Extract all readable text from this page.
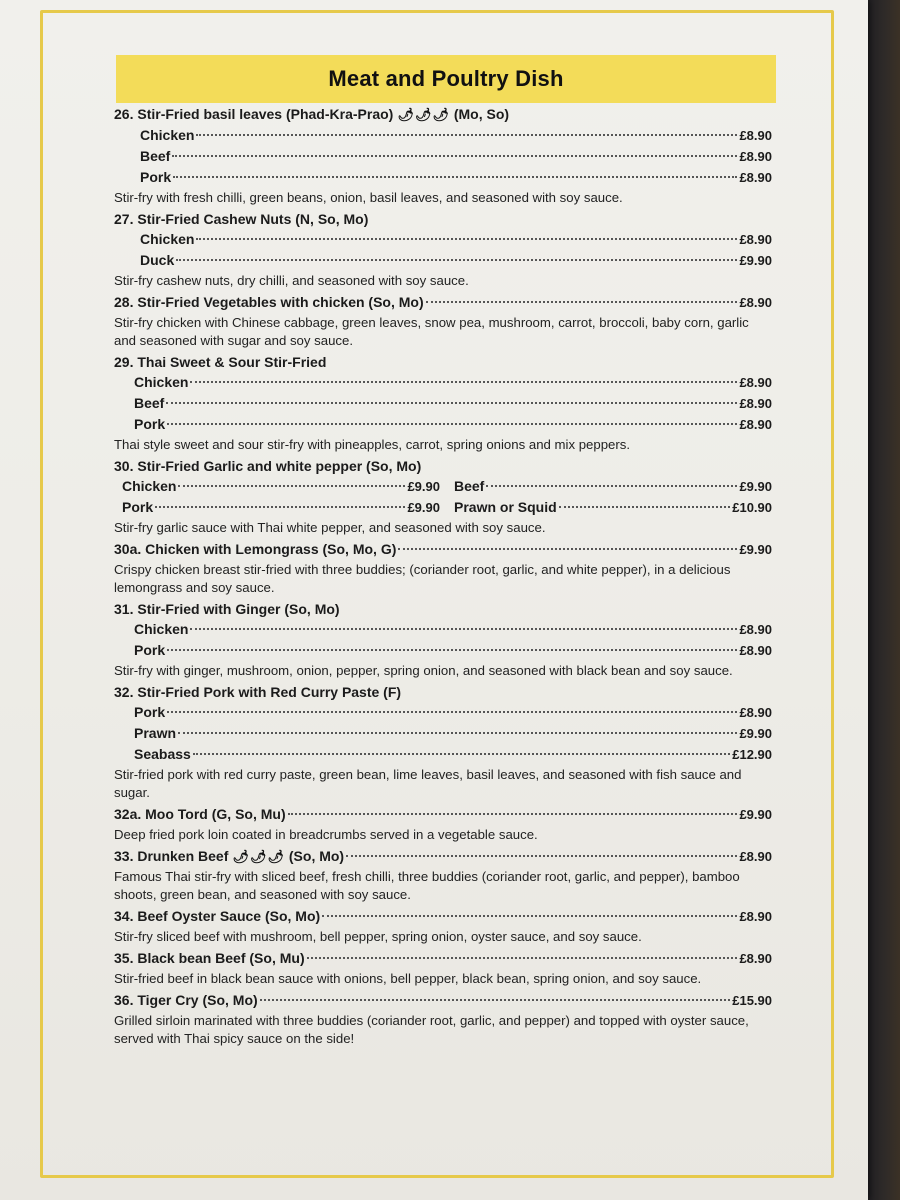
Meat and Poultry Dish
26. Stir-Fried basil leaves (Phad-Kra-Prao) 🌶🌶🌶 (Mo, So)
Chicken	£8.90
Beef	£8.90
Pork	£8.90
Stir-fry with fresh chilli, green beans, onion, basil leaves, and seasoned with soy sauce.
27. Stir-Fried Cashew Nuts (N, So, Mo)
Chicken	£8.90
Duck	£9.90
Stir-fry cashew nuts, dry chilli, and seasoned with soy sauce.
28. Stir-Fried Vegetables with chicken (So, Mo)	£8.90
Stir-fry chicken with Chinese cabbage, green leaves, snow pea, mushroom, carrot, broccoli, baby corn, garlic and seasoned with sugar and soy sauce.
29. Thai Sweet & Sour Stir-Fried
Chicken	£8.90
Beef	£8.90
Pork	£8.90
Thai style sweet and sour stir-fry with pineapples, carrot, spring onions and mix peppers.
30. Stir-Fried Garlic and white pepper (So, Mo)
Chicken	£9.90 Beef	£9.90
Pork	£9.90 Prawn or Squid	£10.90
Stir-fry garlic sauce with Thai white pepper, and seasoned with soy sauce.
30a. Chicken with Lemongrass (So, Mo, G)	£9.90
Crispy chicken breast stir-fried with three buddies; (coriander root, garlic, and white pepper), in a delicious lemongrass and soy sauce.
31. Stir-Fried with Ginger (So, Mo)
Chicken	£8.90
Pork	£8.90
Stir-fry with ginger, mushroom, onion, pepper, spring onion, and seasoned with black bean and soy sauce.
32. Stir-Fried Pork with Red Curry Paste (F)
Pork	£8.90
Prawn	£9.90
Seabass	£12.90
Stir-fried pork with red curry paste, green bean, lime leaves, basil leaves, and seasoned with fish sauce and sugar.
32a. Moo Tord (G, So, Mu)	£9.90
Deep fried pork loin coated in breadcrumbs served in a vegetable sauce.
33. Drunken Beef 🌶🌶🌶 (So, Mo)	£8.90
Famous Thai stir-fry with sliced beef, fresh chilli, three buddies (coriander root, garlic, and pepper), bamboo shoots, green bean, and seasoned with soy sauce.
34. Beef Oyster Sauce (So, Mo)	£8.90
Stir-fry sliced beef with mushroom, bell pepper, spring onion, oyster sauce, and soy sauce.
35. Black bean Beef (So, Mu)	£8.90
Stir-fried beef in black bean sauce with onions, bell pepper, black bean, spring onion, and soy sauce.
36. Tiger Cry (So, Mo)	£15.90
Grilled sirloin marinated with three buddies (coriander root, garlic, and pepper) and topped with oyster sauce, served with Thai spicy sauce on the side!
